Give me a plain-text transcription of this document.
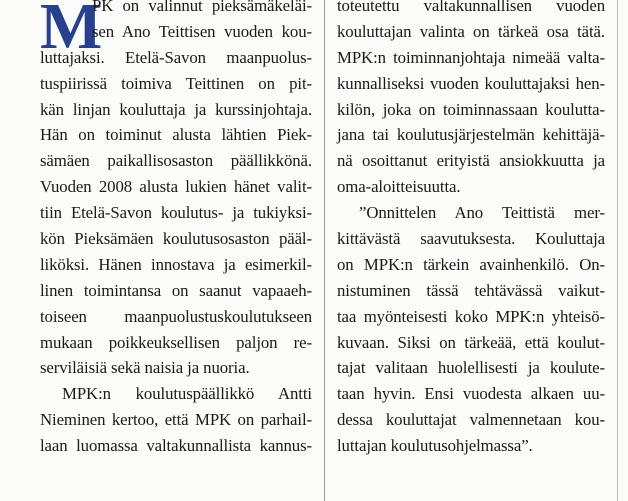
M
PK on valinnut pieksämäkeläi-
sen Ano Teittisen vuoden kou-
luttajaksi. Etelä-Savon maanpuolus-
tuspiirissä toimiva Teittinen on pit-
kän linjan kouluttaja ja kurssinjohtaja.
Hän on toiminut alusta lähtien Piek-
sämäen paikallisosaston päällikkönä.
Vuoden 2008 alusta lukien hänet valit-
tiin Etelä-Savon koulutus- ja tukiyksi-
kön Pieksämäen koulutusosaston pääl-
liköksi. Hänen innostava ja esimerkil-
linen toimintansa on saanut vapaaeh-
toiseen maanpuolustuskoulutukseen
mukaan poikkeuksellisen paljon re-
serviläisiä sekä naisia ja nuoria.
MPK:n koulutuspäällikkö Antti
Nieminen kertoo, että MPK on parhail-
laan luomassa valtakunnallista kannus-
toteutettu valtakunnallisen vuoden
kouluttajan valinta on tärkeä osa tätä.
MPK:n toiminnanjohtaja nimeää valta-
kunnalliseksi vuoden kouluttajaksi hen-
kilön, joka on toiminnassaan koulutta-
jana tai koulutusjärjestelmän kehittäjä-
nä osoittanut erityistä ansiokkuutta ja
oma-aloitteisuutta.
”Onnittelen Ano Teittistä mer-
kittävästä saavutuksesta. Kouluttaja
on MPK:n tärkein avainhenkilö. On-
nistuminen tässä tehtävässä vaikut-
taa myönteisesti koko MPK:n yhteisö-
kuvaan. Siksi on tärkeää, että koulut-
tajat valitaan huolellisesti ja koulute-
taan hyvin. Ensi vuodesta alkaen uu-
dessa kouluttajat valmennetaan kou-
luttajan koulutusohjelmassa”.
